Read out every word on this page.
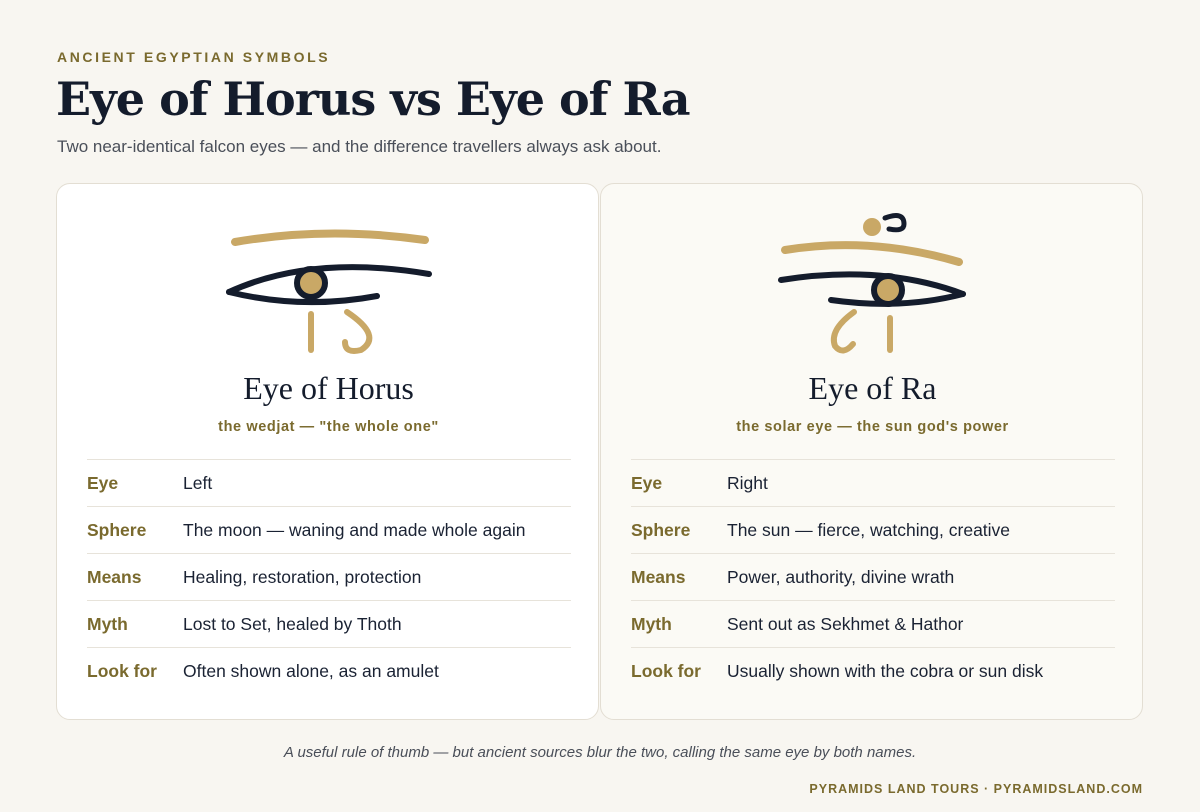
ANCIENT EGYPTIAN SYMBOLS
Eye of Horus vs Eye of Ra

Two near-identical falcon eyes — and the difference travellers always ask about.

Eye of Horus
the wedjat — "the whole one"
Eye	Left
Sphere	The moon — waning and made whole again
Means	Healing, restoration, protection
Myth	Lost to Set, healed by Thoth
Look for	Often shown alone, as an amulet
Eye of Ra
the solar eye — the sun god's power
Eye	Right
Sphere	The sun — fierce, watching, creative
Means	Power, authority, divine wrath
Myth	Sent out as Sekhmet & Hathor
Look for	Usually shown with the cobra or sun disk

A useful rule of thumb — but ancient sources blur the two, calling the same eye by both names.

PYRAMIDS LAND TOURS · PYRAMIDSLAND.COM
